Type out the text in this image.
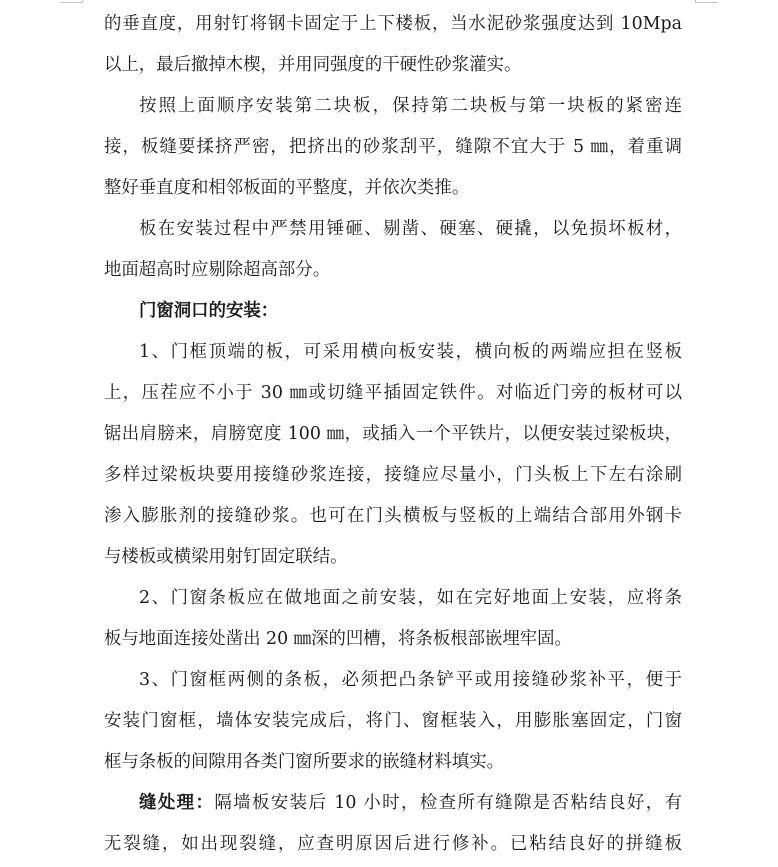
的垂直度，用射钉将钢卡固定于上下楼板，当水泥砂浆强度达到 10Mpa
以上，最后撤掉木楔，并用同强度的干硬性砂浆灌实。
按照上面顺序安装第二块板，保持第二块板与第一块板的紧密连
接，板缝要揉挤严密，把挤出的砂浆刮平，缝隙不宜大于 5 ㎜，着重调
整好垂直度和相邻板面的平整度，并依次类推。
板在安装过程中严禁用锤砸、剔凿、硬塞、硬撬，以免损坏板材，
地面超高时应剔除超高部分。
门窗洞口的安装：
1、门框顶端的板，可采用横向板安装，横向板的两端应担在竖板
上，压茬应不小于 30 ㎜或切缝平插固定铁件。对临近门旁的板材可以
锯出肩膀来，肩膀宽度 100 ㎜，或插入一个平铁片，以便安装过梁板块，
多样过梁板块要用接缝砂浆连接，接缝应尽量小，门头板上下左右涂刷
渗入膨胀剂的接缝砂浆。也可在门头横板与竖板的上端结合部用外钢卡
与楼板或横梁用射钉固定联结。
2、门窗条板应在做地面之前安装，如在完好地面上安装，应将条
板与地面连接处凿出 20 ㎜深的凹槽，将条板根部嵌埋牢固。
3、门窗框两侧的条板，必须把凸条铲平或用接缝砂浆补平，便于
安装门窗框，墙体安装完成后，将门、窗框装入，用膨胀塞固定，门窗
框与条板的间隙用各类门窗所要求的嵌缝材料填实。
缝处理：隔墙板安装后 10 小时，检查所有缝隙是否粘结良好，有
无裂缝，如出现裂缝，应查明原因后进行修补。已粘结良好的拼缝板
